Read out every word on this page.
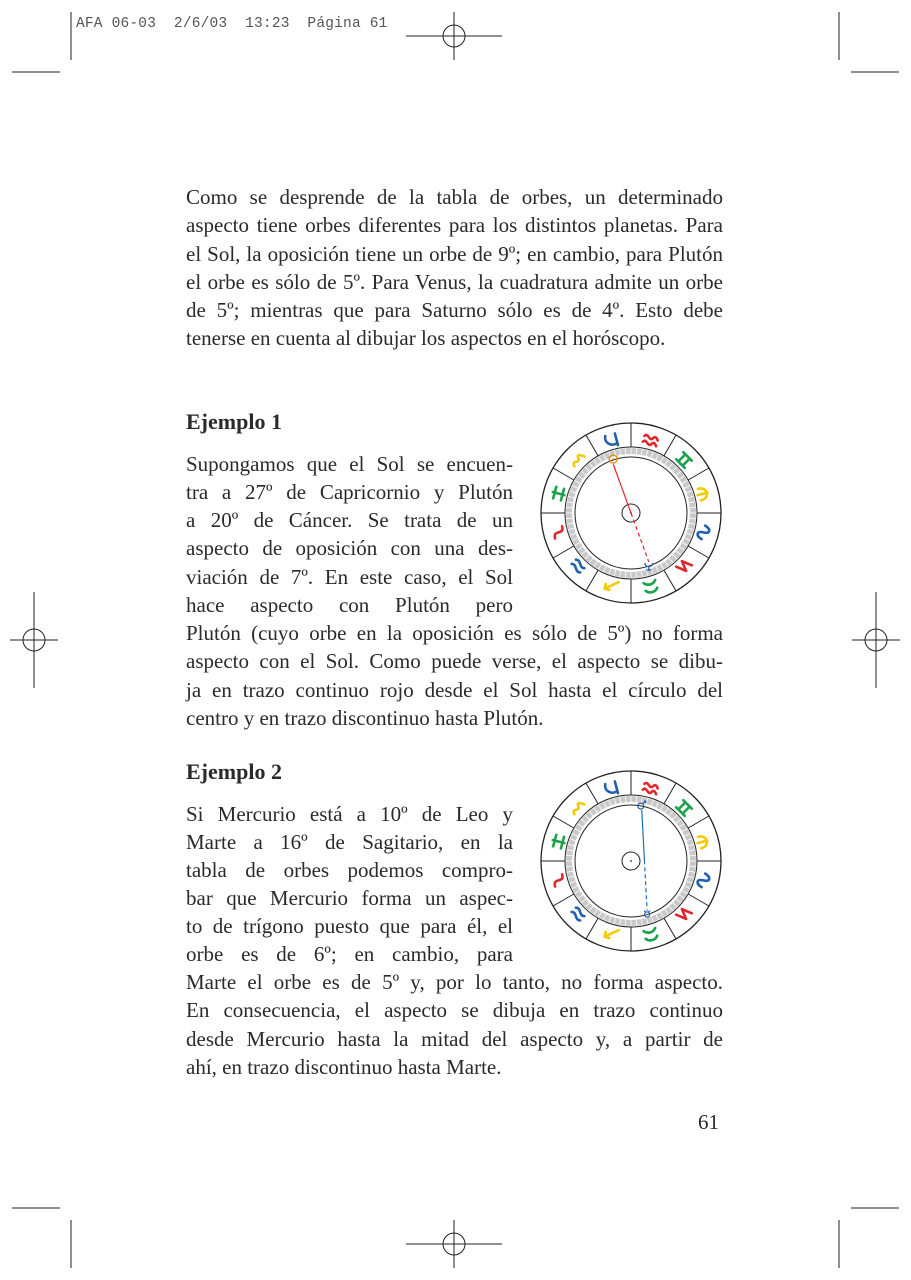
AFA 06-03  2/6/03  13:23  Página 61

Como se desprende de la tabla de orbes, un determinado aspecto tiene orbes diferentes para los distintos planetas. Para el Sol, la oposición tiene un orbe de 9º; en cambio, para Plutón el orbe es sólo de 5º. Para Venus, la cuadratura admite un orbe de 5º; mientras que para Saturno sólo es de 4º. Esto debe tenerse en cuenta al dibujar los aspectos en el horóscopo.

Ejemplo 1
Supongamos que el Sol se encuen-
tra a 27º de Capricornio y Plutón
a 20º de Cáncer. Se trata de un
aspecto de oposición con una des-
viación de 7º. En este caso, el Sol
hace aspecto con Plutón pero
Plutón (cuyo orbe en la oposición es sólo de 5º) no forma
aspecto con el Sol. Como puede verse, el aspecto se dibu-
ja en trazo continuo rojo desde el Sol hasta el círculo del
centro y en trazo discontinuo hasta Plutón.
Ejemplo 2
Si Mercurio está a 10º de Leo y
Marte a 16º de Sagitario, en la
tabla de orbes podemos compro-
bar que Mercurio forma un aspec-
to de trígono puesto que para él, el
orbe es de 6º; en cambio, para
Marte el orbe es de 5º y, por lo tanto, no forma aspecto.
En consecuencia, el aspecto se dibuja en trazo continuo
desde Mercurio hasta la mitad del aspecto y, a partir de
ahí, en trazo discontinuo hasta Marte.
61
